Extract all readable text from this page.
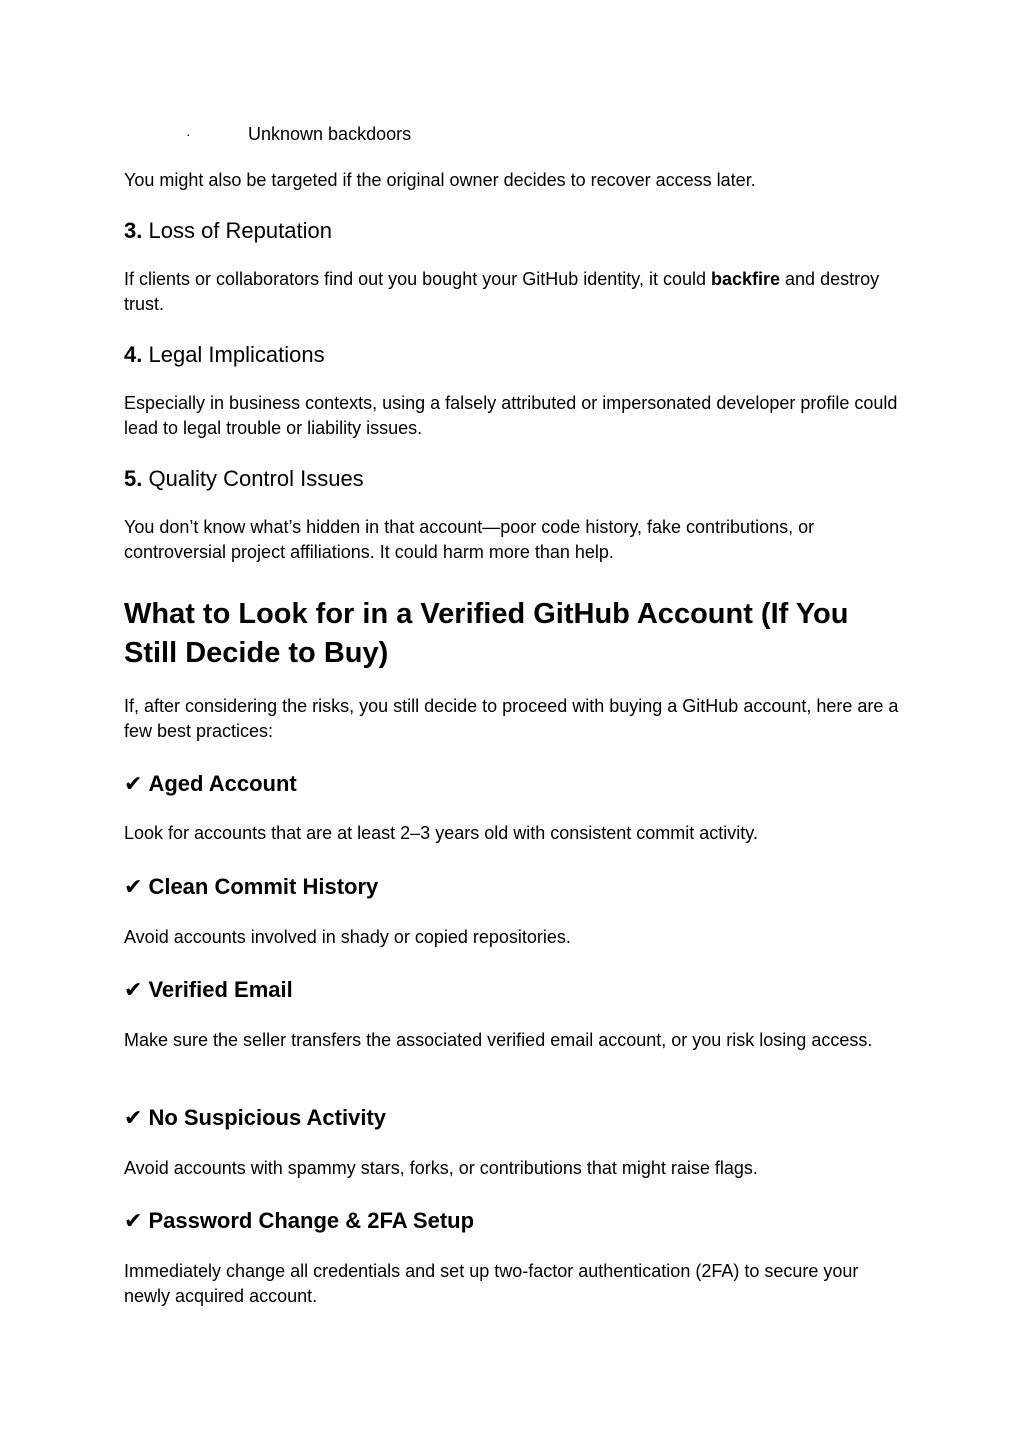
·	Unknown backdoors

You might also be targeted if the original owner decides to recover access later.

3. Loss of Reputation

If clients or collaborators find out you bought your GitHub identity, it could backfire and destroy trust.

4. Legal Implications

Especially in business contexts, using a falsely attributed or impersonated developer profile could lead to legal trouble or liability issues.

5. Quality Control Issues

You don’t know what’s hidden in that account—poor code history, fake contributions, or controversial project affiliations. It could harm more than help.

What to Look for in a Verified GitHub Account (If You Still Decide to Buy)

If, after considering the risks, you still decide to proceed with buying a GitHub account, here are a few best practices:

✔ Aged Account

Look for accounts that are at least 2–3 years old with consistent commit activity.

✔ Clean Commit History

Avoid accounts involved in shady or copied repositories.

✔ Verified Email

Make sure the seller transfers the associated verified email account, or you risk losing access.

✔ No Suspicious Activity

Avoid accounts with spammy stars, forks, or contributions that might raise flags.

✔ Password Change & 2FA Setup

Immediately change all credentials and set up two-factor authentication (2FA) to secure your newly acquired account.
